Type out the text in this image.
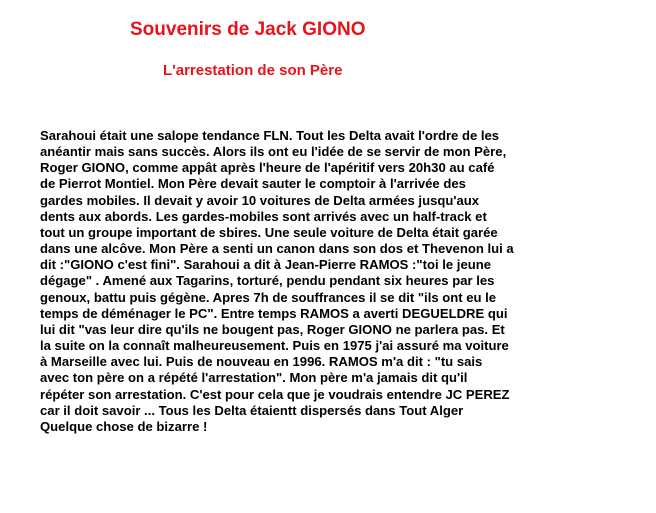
Souvenirs de Jack GIONO
L'arrestation de son Père
Sarahoui était une salope tendance FLN. Tout les Delta avait l'ordre de les
anéantir mais sans succès. Alors ils ont eu l'idée de se servir de mon Père,
Roger GIONO, comme appât après l'heure de l'apéritif vers 20h30 au café
de Pierrot Montiel. Mon Père devait sauter le comptoir à l'arrivée des
gardes mobiles. Il devait y avoir 10 voitures de Delta armées jusqu'aux
dents aux abords. Les gardes-mobiles sont arrivés avec un half-track et
tout un groupe important de sbires. Une seule voiture de Delta était garée
dans une alcôve. Mon Père a senti un canon dans son dos et Thevenon lui a
dit :"GIONO c'est fini". Sarahoui a dit à Jean-Pierre RAMOS :"toi le jeune
dégage" . Amené aux Tagarins, torturé, pendu pendant six heures par les
genoux, battu puis gégène. Apres 7h de souffrances il se dit "ils ont eu le
temps de déménager le PC". Entre temps RAMOS a averti DEGUELDRE qui
lui dit "vas leur dire qu'ils ne bougent pas, Roger GIONO ne parlera pas. Et
la suite on la connaît malheureusement. Puis en 1975 j'ai assuré ma voiture
à Marseille avec lui. Puis de nouveau en 1996. RAMOS m'a dit : "tu sais
avec ton père on a répété l'arrestation". Mon père m'a jamais dit qu'il
répéter son arrestation. C'est pour cela que je voudrais entendre JC PEREZ
car il doit savoir ... Tous les Delta étaientt dispersés dans Tout Alger
Quelque chose de bizarre !
